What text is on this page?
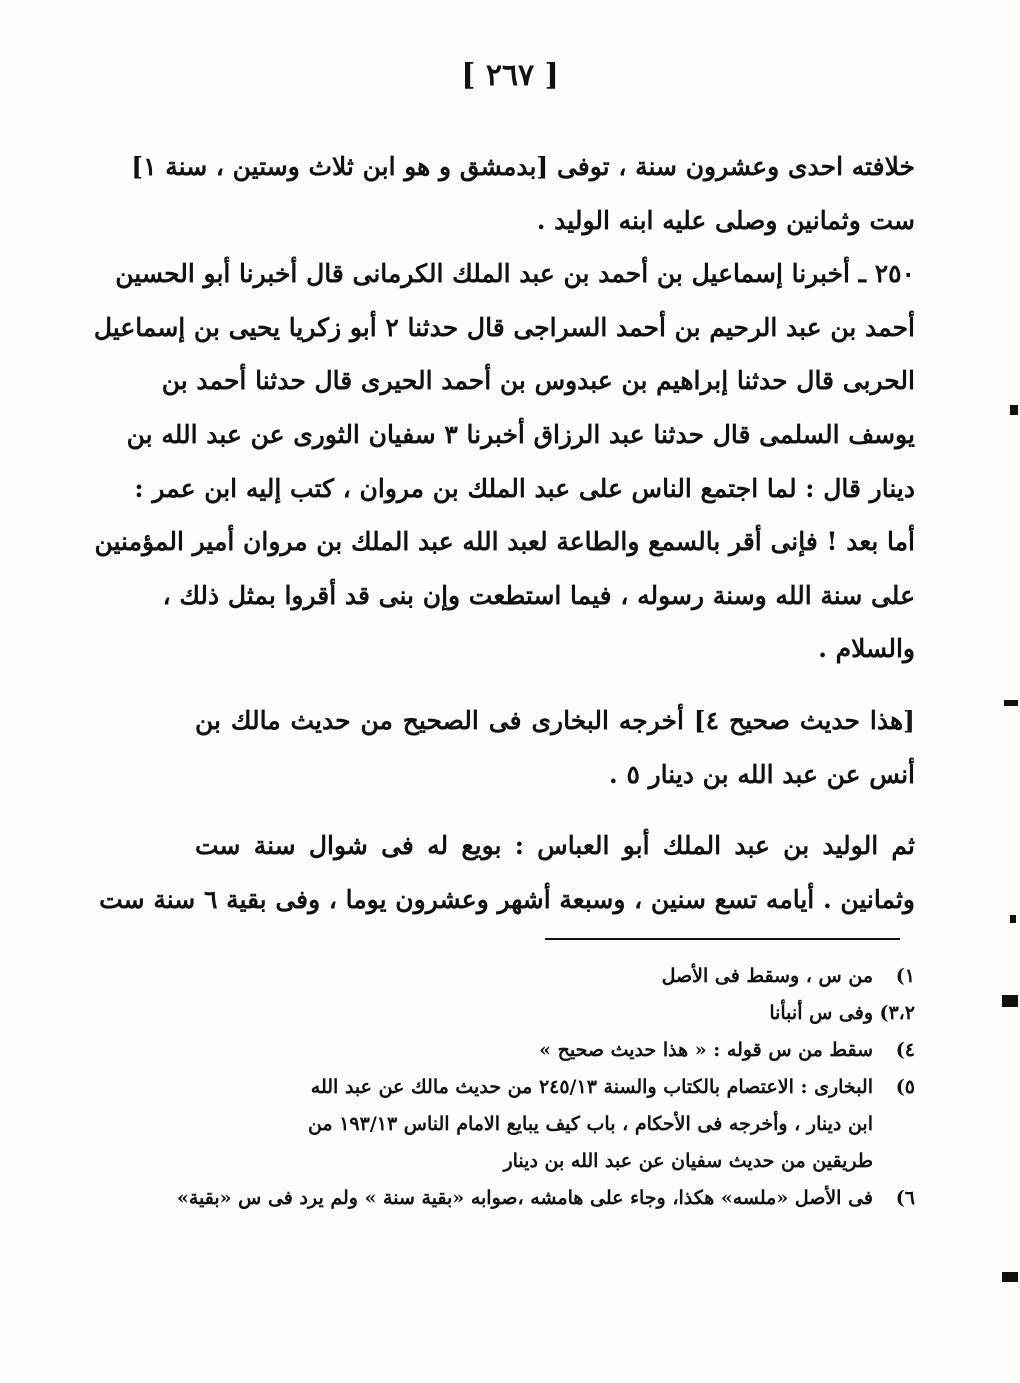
[ ٢٦٧ ]
خلافته احدى وعشرون سنة ، توفى [بدمشق و هو ابن ثلاث وستين ، سنة ١]
ست وثمانين وصلى عليه ابنه الوليد .
٢٥٠ ـ أخبرنا إسماعيل بن أحمد بن عبد الملك الكرمانى قال أخبرنا أبو الحسين
أحمد بن عبد الرحيم بن أحمد السراجى قال حدثنا ٢ أبو زكريا يحيى بن إسماعيل
الحربى قال حدثنا إبراهيم بن عبدوس بن أحمد الحيرى قال حدثنا أحمد بن
يوسف السلمى قال حدثنا عبد الرزاق أخبرنا ٣ سفيان الثورى عن عبد الله بن
دينار قال : لما اجتمع الناس على عبد الملك بن مروان ، كتب إليه ابن عمر :
أما بعد ! فإنى أقر بالسمع والطاعة لعبد الله عبد الملك بن مروان أمير المؤمنين
على سنة الله وسنة رسوله ، فيما استطعت وإن بنى قد أقروا بمثل ذلك ،
والسلام .
[هذا حديث صحيح ٤] أخرجه البخارى فى الصحيح من حديث مالك بن
أنس عن عبد الله بن دينار ٥ .
ثم الوليد بن عبد الملك أبو العباس : بويع له فى شوال سنة ست
وثمانين . أيامه تسع سنين ، وسبعة أشهر وعشرون يوما ، وفى بقية ٦ سنة ست
١)
من س ، وسقط فى الأصل
٣،٢)
وفى س أنبأنا
٤)
سقط من س قوله : « هذا حديث صحيح »
٥)
البخارى : الاعتصام بالكتاب والسنة ٢٤٥/١٣ من حديث مالك عن عبد الله
ابن دينار ، وأخرجه فى الأحكام ، باب كيف يبايع الامام الناس ١٩٣/١٣ من
طريقين من حديث سفيان عن عبد الله بن دينار
٦)
فى الأصل «ملسه» هكذا، وجاء على هامشه ،صوابه «بقية سنة » ولم يرد فى س «بقية»
